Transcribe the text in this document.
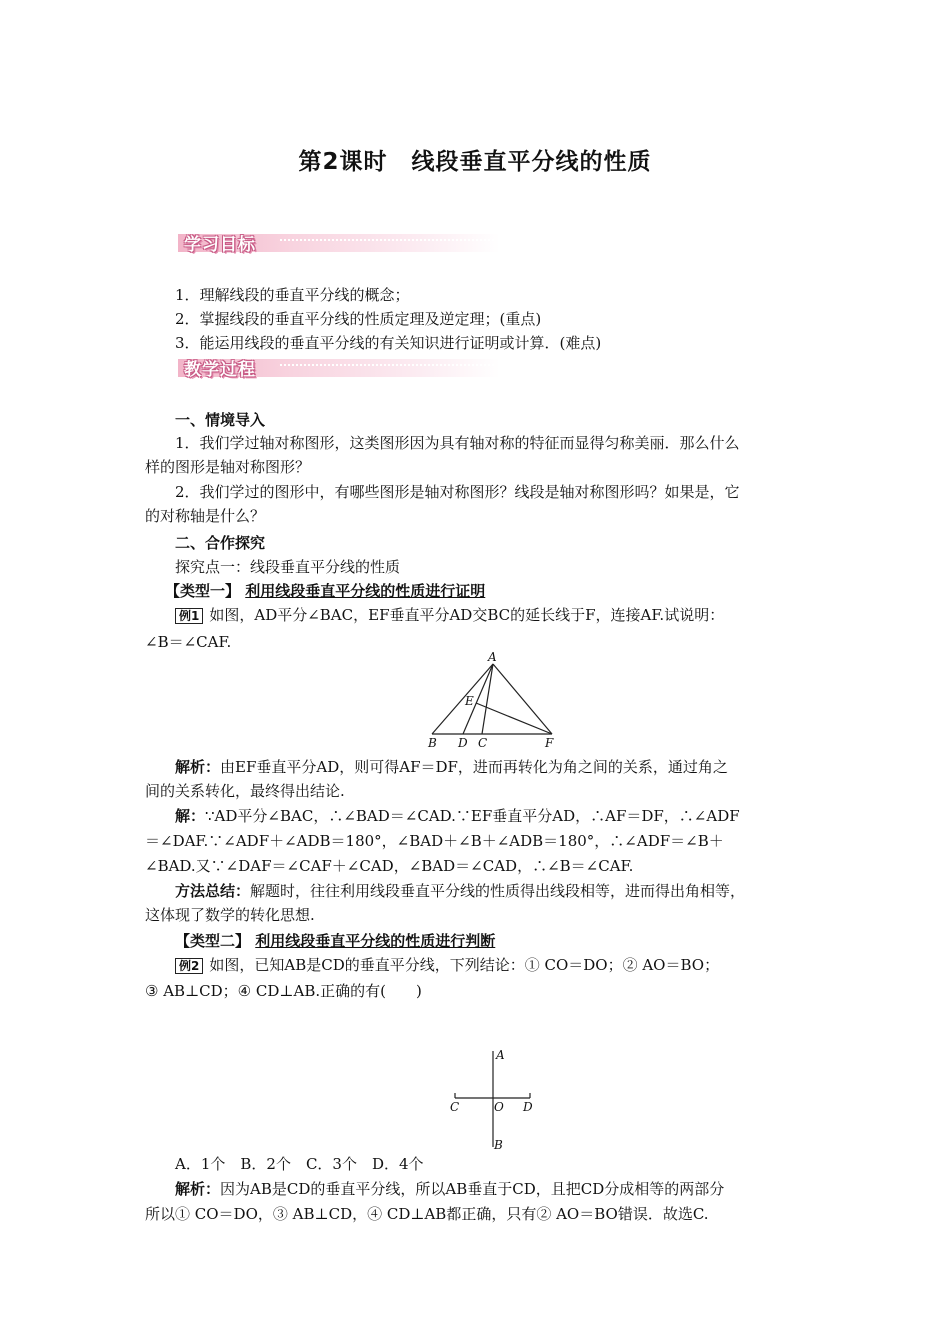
第2课时　线段垂直平分线的性质
学习目标
1．理解线段的垂直平分线的概念；
2．掌握线段的垂直平分线的性质定理及逆定理；(重点)
3．能运用线段的垂直平分线的有关知识进行证明或计算．(难点)
教学过程
一、情境导入
1．我们学过轴对称图形，这类图形因为具有轴对称的特征而显得匀称美丽．那么什么
样的图形是轴对称图形？
2．我们学过的图形中，有哪些图形是轴对称图形？线段是轴对称图形吗？如果是，它
的对称轴是什么？
二、合作探究
探究点一：线段垂直平分线的性质
【类型一】 利用线段垂直平分线的性质进行证明
例1 如图，AD平分∠BAC，EF垂直平分AD交BC的延长线于F，连接AF.试说明：
∠B＝∠CAF.
A
E
B D C	F
解析：由EF垂直平分AD，则可得AF＝DF，进而再转化为角之间的关系，通过角之
间的关系转化，最终得出结论.
解：∵AD平分∠BAC，∴∠BAD＝∠CAD.∵EF垂直平分AD，∴AF＝DF，∴∠ADF
＝∠DAF.∵∠ADF＋∠ADB＝180°，∠BAD＋∠B＋∠ADB＝180°，∴∠ADF＝∠B＋
∠BAD.又∵∠DAF＝∠CAF＋∠CAD，∠BAD＝∠CAD，∴∠B＝∠CAF.
方法总结：解题时，往往利用线段垂直平分线的性质得出线段相等，进而得出角相等，
这体现了数学的转化思想.
【类型二】 利用线段垂直平分线的性质进行判断
例2 如图，已知AB是CD的垂直平分线，下列结论：① CO＝DO；② AO＝BO；
③ AB⊥CD；④ CD⊥AB.正确的有(　　)
A
C	O D
B
A．1个　B．2个　C．3个　D．4个
解析：因为AB是CD的垂直平分线，所以AB垂直于CD，且把CD分成相等的两部分
所以① CO＝DO，③ AB⊥CD，④ CD⊥AB都正确，只有② AO＝BO错误．故选C.
